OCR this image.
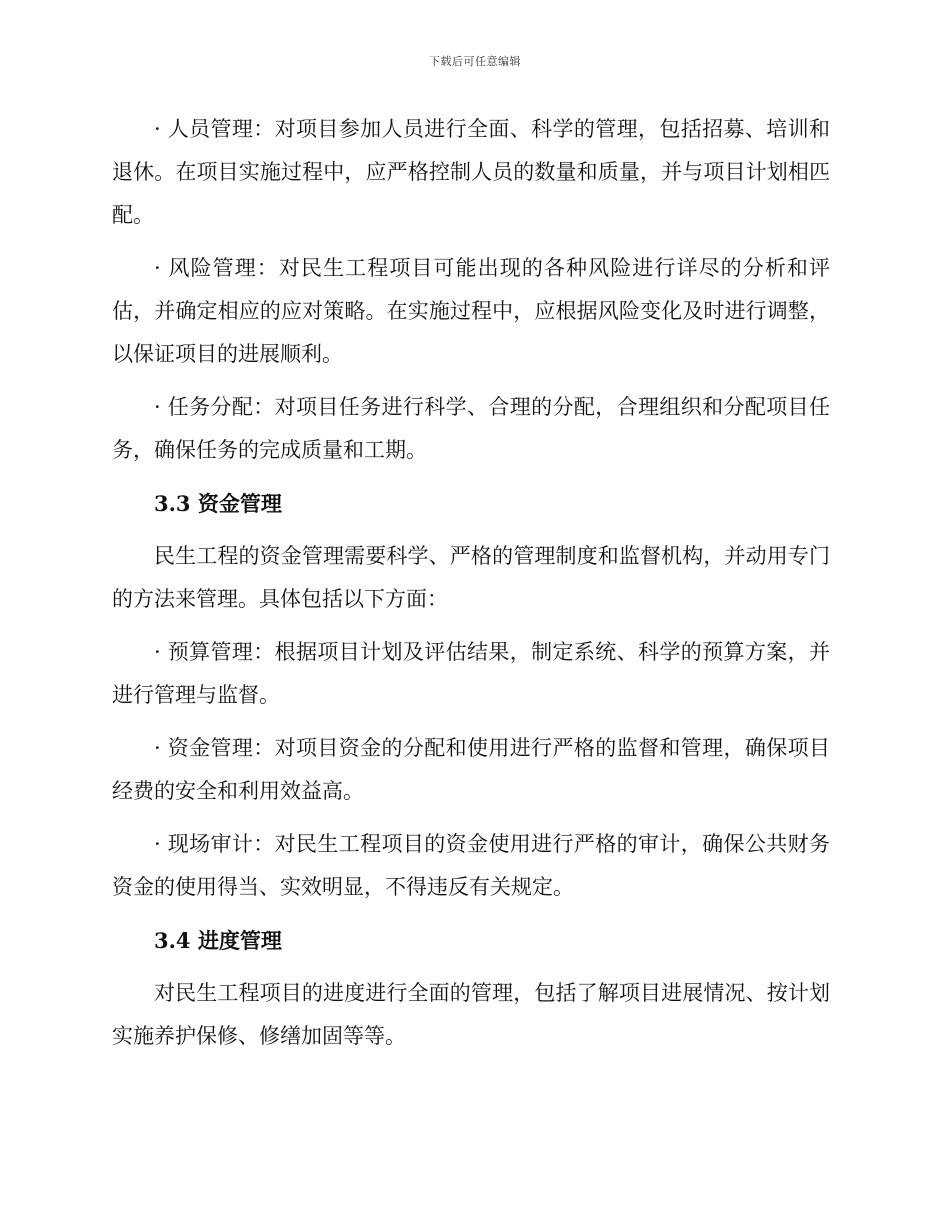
下载后可任意编辑

· 人员管理：对项目参加人员进行全面、科学的管理，包括招募、培训和退休。在项目实施过程中，应严格控制人员的数量和质量，并与项目计划相匹配。

· 风险管理：对民生工程项目可能出现的各种风险进行详尽的分析和评估，并确定相应的应对策略。在实施过程中，应根据风险变化及时进行调整，以保证项目的进展顺利。

· 任务分配：对项目任务进行科学、合理的分配，合理组织和分配项目任务，确保任务的完成质量和工期。

3.3 资金管理

民生工程的资金管理需要科学、严格的管理制度和监督机构，并动用专门的方法来管理。具体包括以下方面：

· 预算管理：根据项目计划及评估结果，制定系统、科学的预算方案，并进行管理与监督。

· 资金管理：对项目资金的分配和使用进行严格的监督和管理，确保项目经费的安全和利用效益高。

· 现场审计：对民生工程项目的资金使用进行严格的审计，确保公共财务资金的使用得当、实效明显，不得违反有关规定。

3.4 进度管理

对民生工程项目的进度进行全面的管理，包括了解项目进展情况、按计划实施养护保修、修缮加固等等。
